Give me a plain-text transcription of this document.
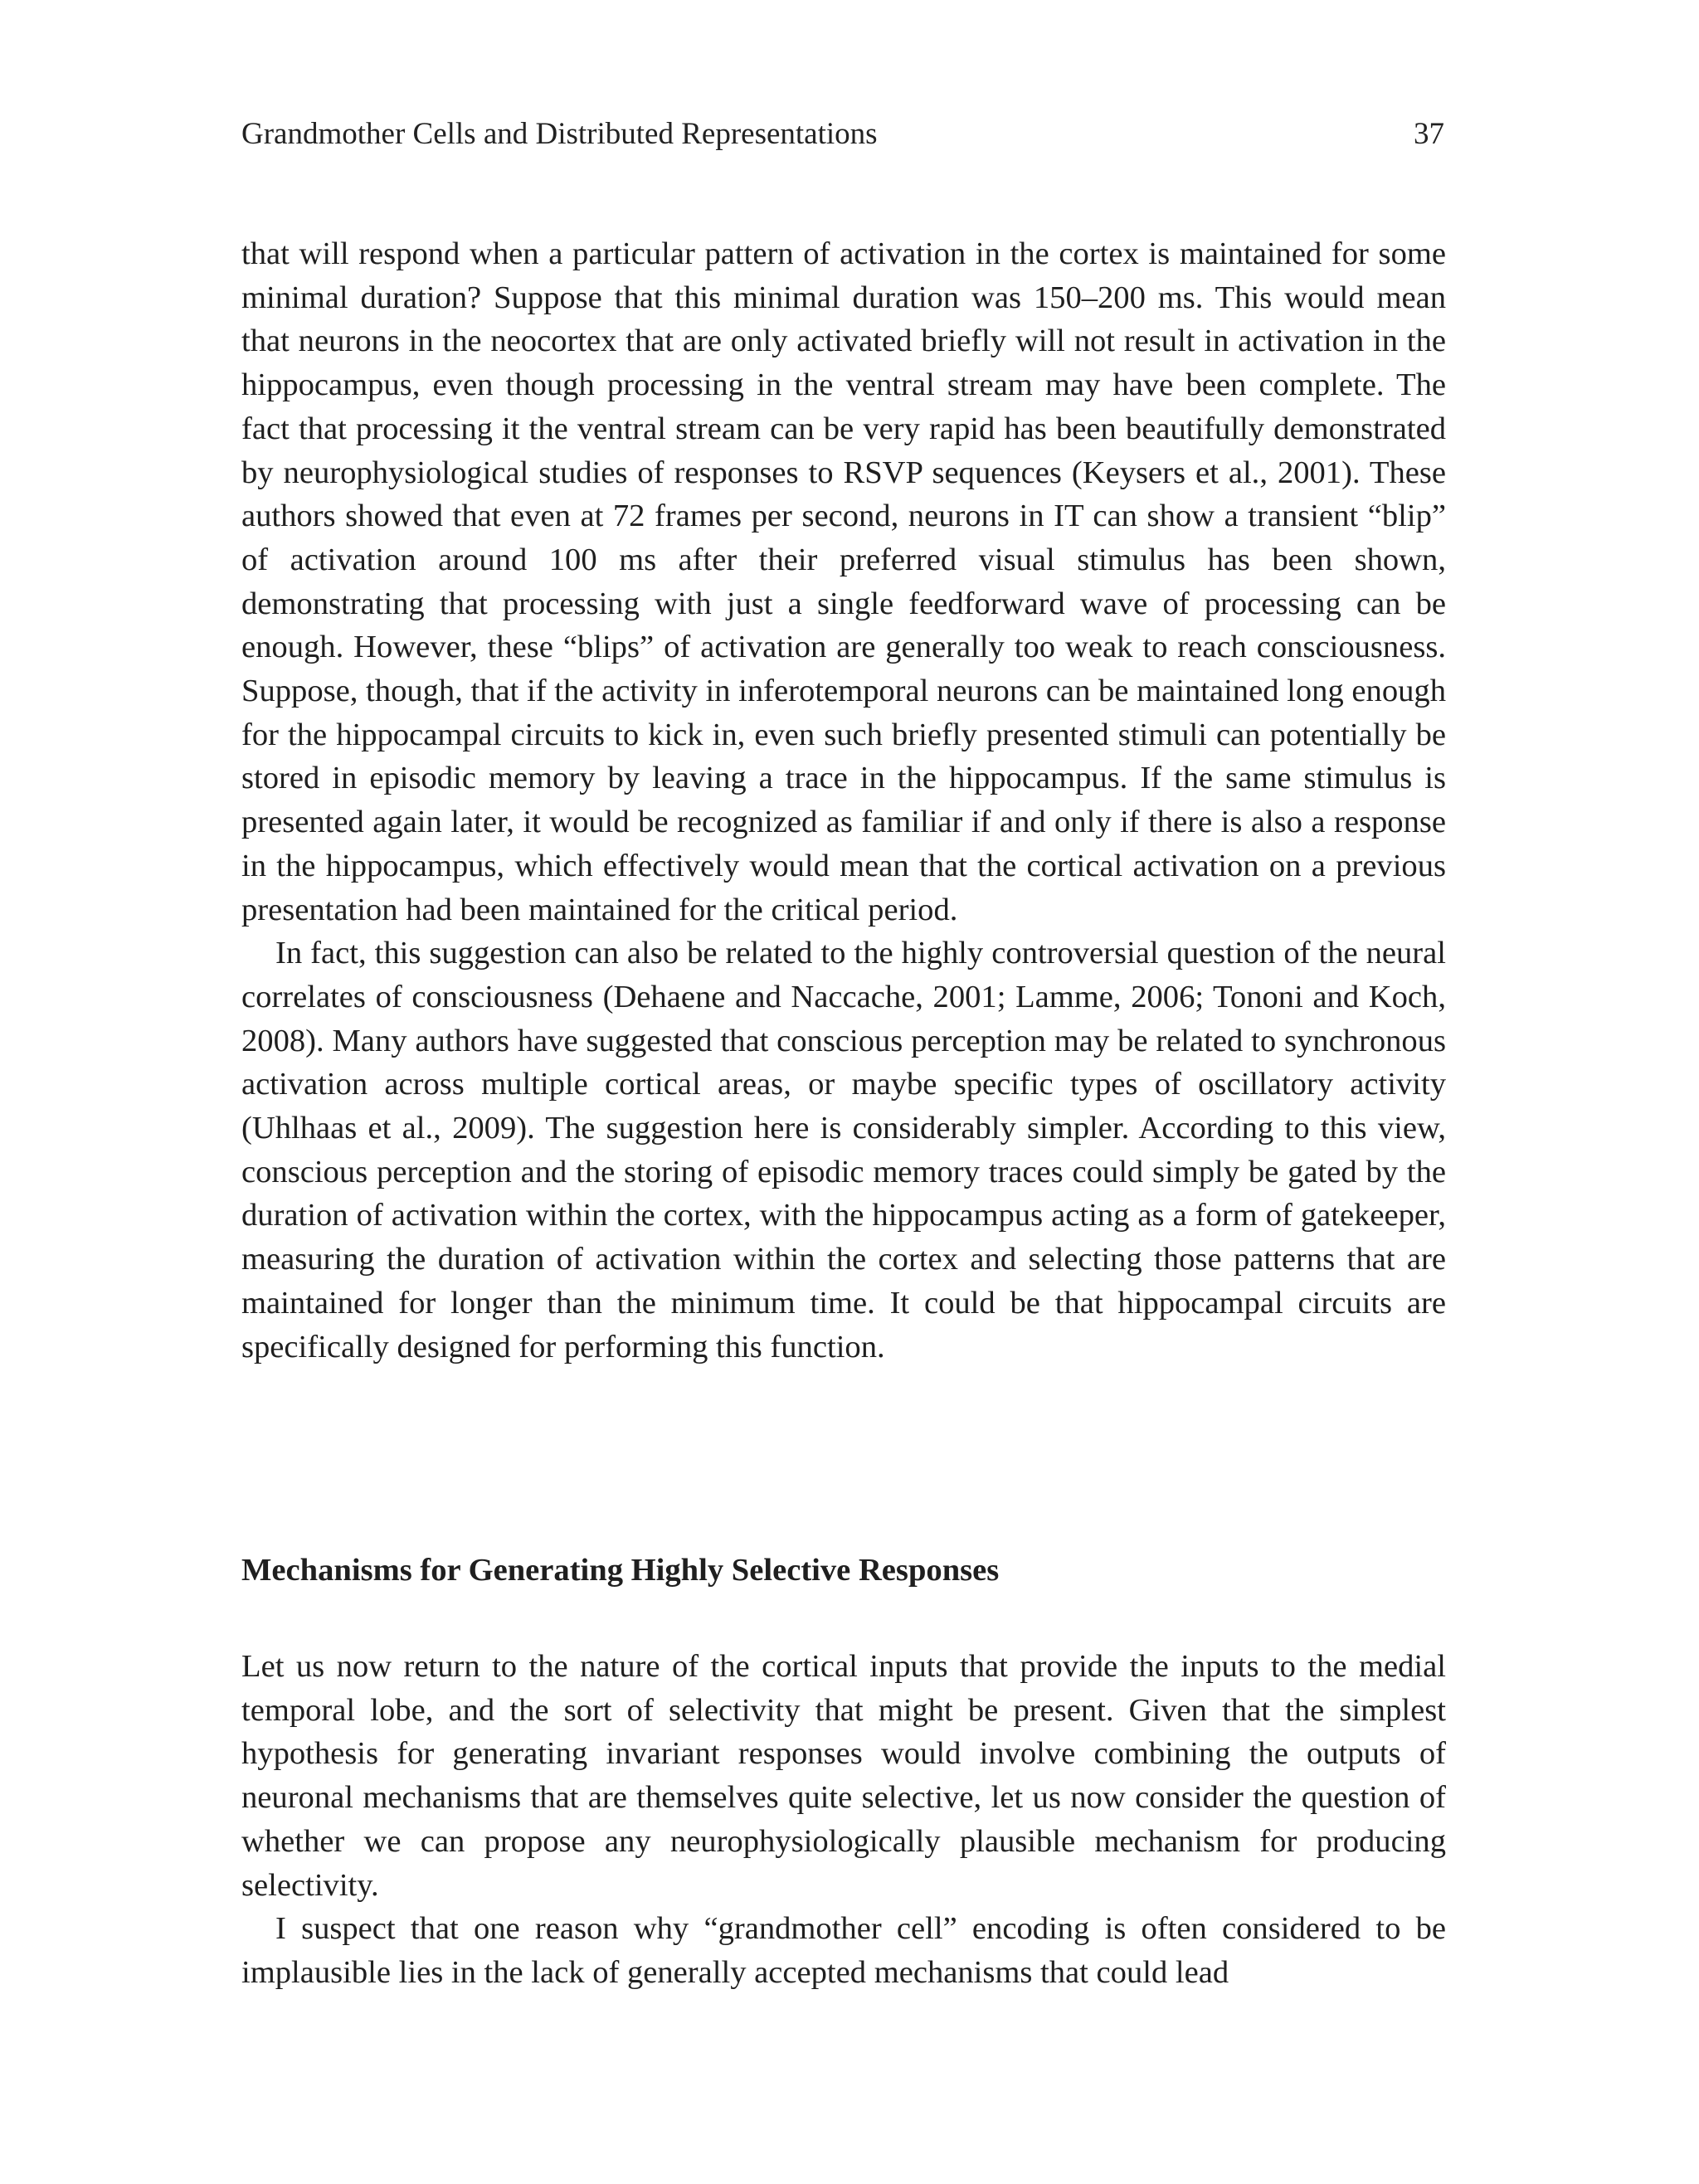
Grandmother Cells and Distributed Representations	37

that will respond when a particular pattern of activation in the cortex is maintained for some minimal duration? Suppose that this minimal duration was 150–200 ms. This would mean that neurons in the neocortex that are only activated briefly will not result in activation in the hippocampus, even though processing in the ventral stream may have been complete. The fact that processing it the ventral stream can be very rapid has been beautifully demonstrated by neurophysiological studies of responses to RSVP sequences (Keysers et al., 2001). These authors showed that even at 72 frames per second, neurons in IT can show a transient “blip” of activation around 100 ms after their preferred visual stimulus has been shown, demonstrating that processing with just a single feedforward wave of processing can be enough. However, these “blips” of activation are generally too weak to reach consciousness. Suppose, though, that if the activity in inferotemporal neurons can be maintained long enough for the hippocampal circuits to kick in, even such briefly presented stimuli can potentially be stored in episodic memory by leaving a trace in the hippocampus. If the same stimulus is presented again later, it would be recognized as familiar if and only if there is also a response in the hippocampus, which effectively would mean that the cortical activation on a previous presentation had been maintained for the critical period.

In fact, this suggestion can also be related to the highly controversial question of the neural correlates of consciousness (Dehaene and Naccache, 2001; Lamme, 2006; Tononi and Koch, 2008). Many authors have suggested that conscious perception may be related to synchronous activation across multiple cortical areas, or maybe specific types of oscillatory activity (Uhlhaas et al., 2009). The suggestion here is considerably simpler. According to this view, conscious perception and the storing of episodic memory traces could simply be gated by the duration of activation within the cortex, with the hippocampus acting as a form of gatekeeper, measuring the duration of activation within the cortex and selecting those patterns that are maintained for longer than the minimum time. It could be that hippocampal circuits are specifically designed for performing this function.

Mechanisms for Generating Highly Selective Responses

Let us now return to the nature of the cortical inputs that provide the inputs to the medial temporal lobe, and the sort of selectivity that might be present. Given that the simplest hypothesis for generating invariant responses would involve combining the outputs of neuronal mechanisms that are themselves quite selective, let us now consider the question of whether we can propose any neurophysiologically plausible mechanism for producing selectivity.

I suspect that one reason why “grandmother cell” encoding is often considered to be implausible lies in the lack of generally accepted mechanisms that could lead
